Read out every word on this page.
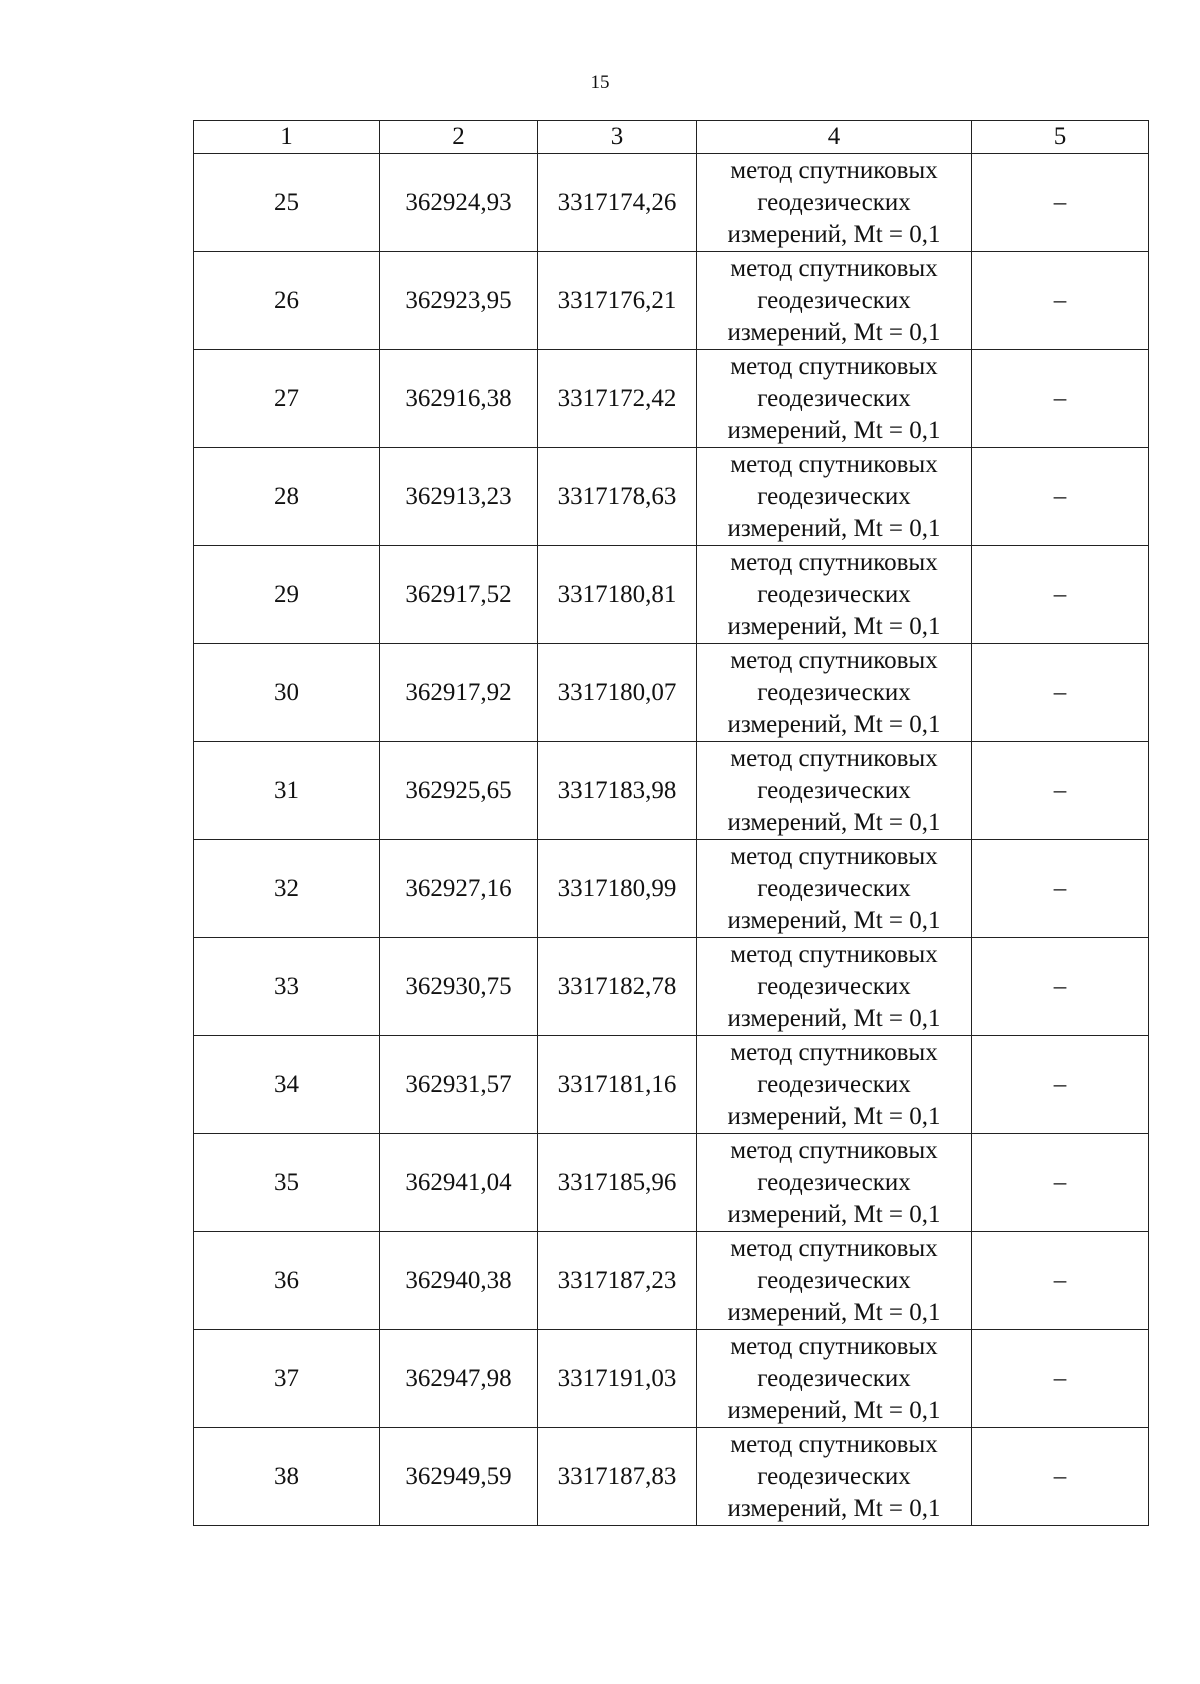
15
1	2	3	4	5
25	362924,93	3317174,26	метод спутниковых
геодезических
измерений, Mt = 0,1	–
26	362923,95	3317176,21	метод спутниковых
геодезических
измерений, Mt = 0,1	–
27	362916,38	3317172,42	метод спутниковых
геодезических
измерений, Mt = 0,1	–
28	362913,23	3317178,63	метод спутниковых
геодезических
измерений, Mt = 0,1	–
29	362917,52	3317180,81	метод спутниковых
геодезических
измерений, Mt = 0,1	–
30	362917,92	3317180,07	метод спутниковых
геодезических
измерений, Mt = 0,1	–
31	362925,65	3317183,98	метод спутниковых
геодезических
измерений, Mt = 0,1	–
32	362927,16	3317180,99	метод спутниковых
геодезических
измерений, Mt = 0,1	–
33	362930,75	3317182,78	метод спутниковых
геодезических
измерений, Mt = 0,1	–
34	362931,57	3317181,16	метод спутниковых
геодезических
измерений, Mt = 0,1	–
35	362941,04	3317185,96	метод спутниковых
геодезических
измерений, Mt = 0,1	–
36	362940,38	3317187,23	метод спутниковых
геодезических
измерений, Mt = 0,1	–
37	362947,98	3317191,03	метод спутниковых
геодезических
измерений, Mt = 0,1	–
38	362949,59	3317187,83	метод спутниковых
геодезических
измерений, Mt = 0,1	–
